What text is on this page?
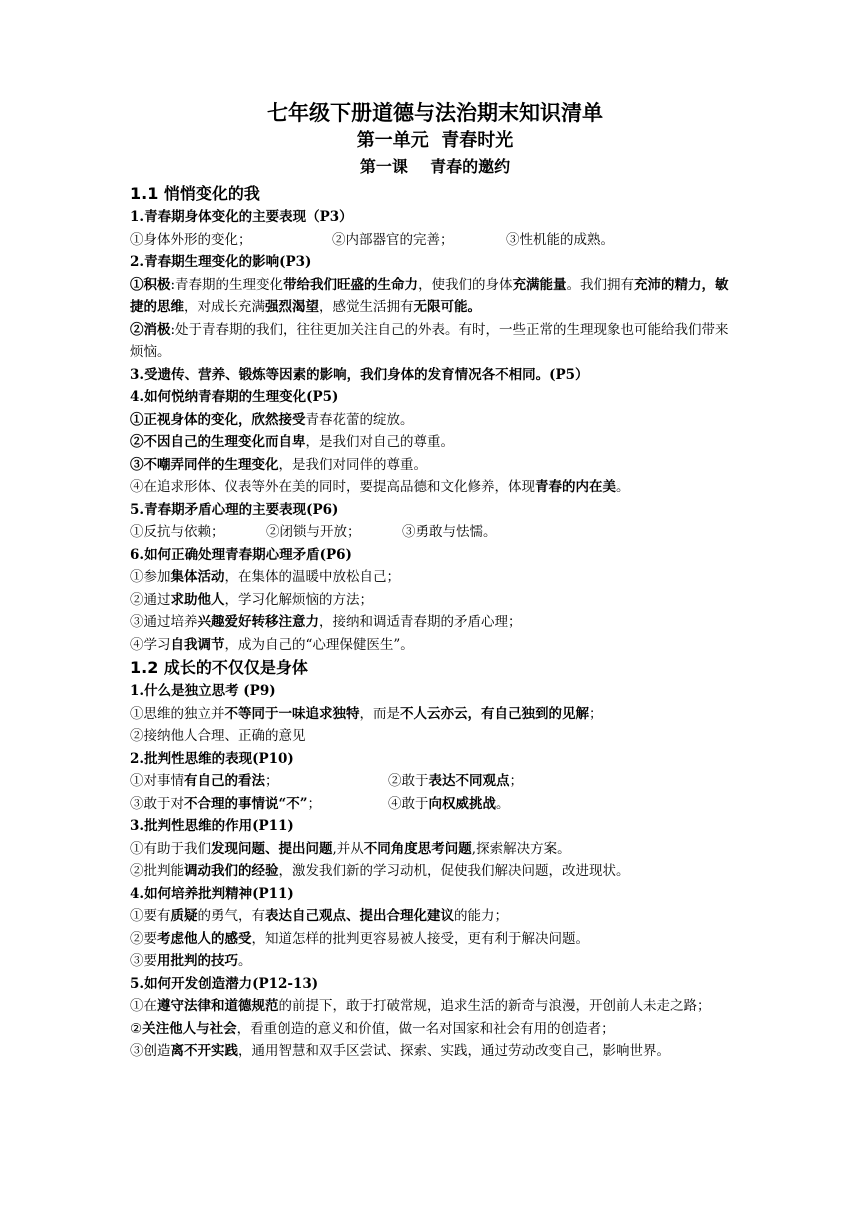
七年级下册道德与法治期末知识清单

第一单元  青春时光

第一课    青春的邀约

1.1 悄悄变化的我

1.青春期身体变化的主要表现（P3）

①身体外形的变化；	②内部器官的完善；	③性机能的成熟。

2.青春期生理变化的影响(P3)

①积极:青春期的生理变化带给我们旺盛的生命力，使我们的身体充满能量。我们拥有充沛的精力，敏捷的思维，对成长充满强烈渴望，感觉生活拥有无限可能。

②消极:处于青春期的我们，往往更加关注自己的外表。有时，一些正常的生理现象也可能给我们带来烦恼。

3.受遗传、营养、锻炼等因素的影响，我们身体的发育情况各不相同。(P5）

4.如何悦纳青春期的生理变化(P5)

①正视身体的变化，欣然接受青春花蕾的绽放。

②不因自己的生理变化而自卑，是我们对自己的尊重。

③不嘲弄同伴的生理变化，是我们对同伴的尊重。

④在追求形体、仪表等外在美的同时，要提高品德和文化修养，体现青春的内在美。

5.青春期矛盾心理的主要表现(P6)

①反抗与依赖；	②闭锁与开放；	③勇敢与怯懦。

6.如何正确处理青春期心理矛盾(P6)

①参加集体活动，在集体的温暖中放松自己；

②通过求助他人，学习化解烦恼的方法；

③通过培养兴趣爱好转移注意力，接纳和调适青春期的矛盾心理；

④学习自我调节，成为自己的“心理保健医生”。

1.2 成长的不仅仅是身体

1.什么是独立思考 (P9)

①思维的独立并不等同于一味追求独特，而是不人云亦云，有自己独到的见解；

②接纳他人合理、正确的意见

2.批判性思维的表现(P10)

①对事情有自己的看法；	②敢于表达不同观点；
③敢于对不合理的事情说“不”；	④敢于向权威挑战。

3.批判性思维的作用(P11)

①有助于我们发现问题、提出问题,并从不同角度思考问题,探索解决方案。

②批判能调动我们的经验，激发我们新的学习动机，促使我们解决问题，改进现状。

4.如何培养批判精神(P11)

①要有质疑的勇气，有表达自己观点、提出合理化建议的能力；

②要考虑他人的感受，知道怎样的批判更容易被人接受，更有利于解决问题。

③要用批判的技巧。

5.如何开发创造潜力(P12-13)

①在遵守法律和道德规范的前提下，敢于打破常规，追求生活的新奇与浪漫，开创前人未走之路；

②关注他人与社会，看重创造的意义和价值，做一名对国家和社会有用的创造者；

③创造离不开实践，通用智慧和双手区尝试、探索、实践，通过劳动改变自己，影响世界。
